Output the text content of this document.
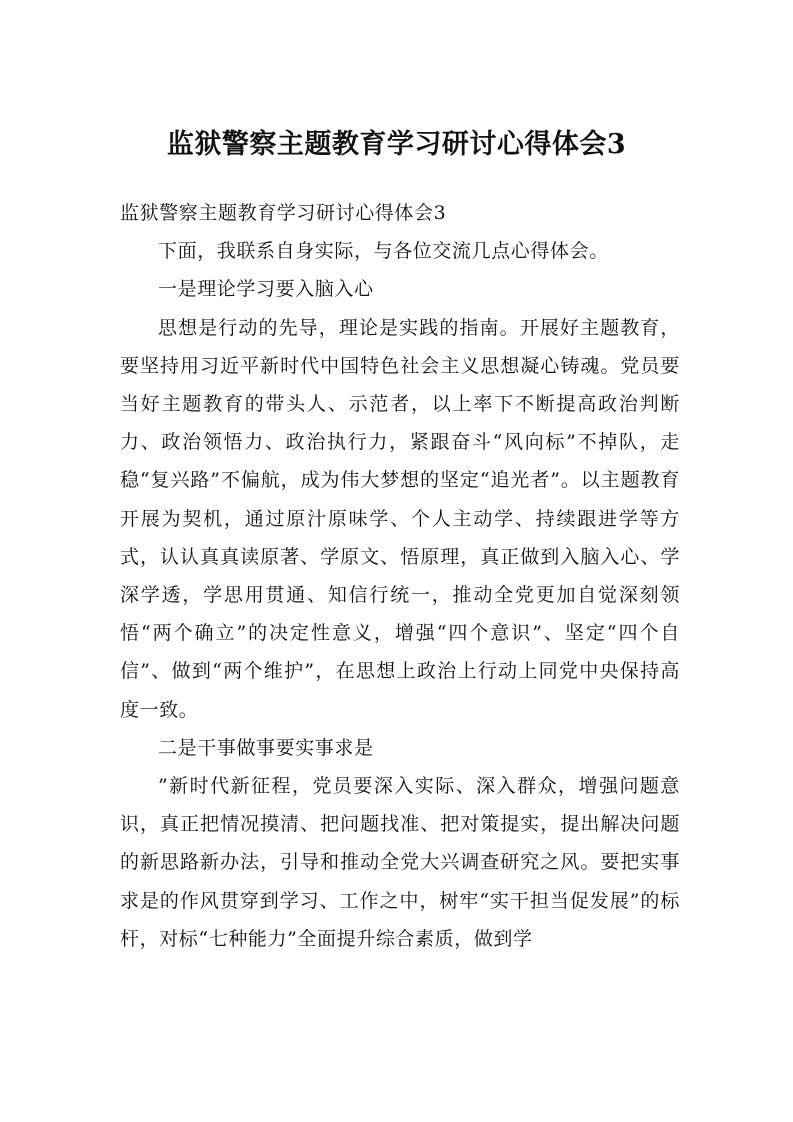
监狱警察主题教育学习研讨心得体会3

监狱警察主题教育学习研讨心得体会3

下面，我联系自身实际，与各位交流几点心得体会。

一是理论学习要入脑入心

思想是行动的先导，理论是实践的指南。开展好主题教育，要坚持用习近平新时代中国特色社会主义思想凝心铸魂。党员要当好主题教育的带头人、示范者，以上率下不断提高政治判断力、政治领悟力、政治执行力，紧跟奋斗“风向标”不掉队，走稳“复兴路”不偏航，成为伟大梦想的坚定“追光者”。以主题教育开展为契机，通过原汁原味学、个人主动学、持续跟进学等方式，认认真真读原著、学原文、悟原理，真正做到入脑入心、学深学透，学思用贯通、知信行统一，推动全党更加自觉深刻领悟“两个确立”的决定性意义，增强“四个意识”、坚定“四个自信”、做到“两个维护”，在思想上政治上行动上同党中央保持高度一致。

二是干事做事要实事求是

”新时代新征程，党员要深入实际、深入群众，增强问题意识，真正把情况摸清、把问题找准、把对策提实，提出解决问题的新思路新办法，引导和推动全党大兴调查研究之风。要把实事求是的作风贯穿到学习、工作之中，树牢“实干担当促发展”的标杆，对标“七种能力”全面提升综合素质，做到学
